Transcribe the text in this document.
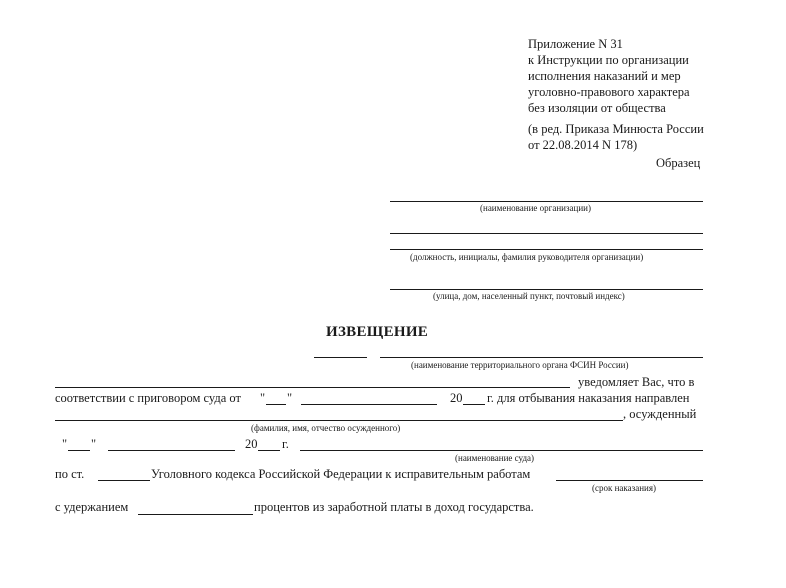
Приложение N 31
к Инструкции по организации
исполнения наказаний и мер
уголовно-правового характера
без изоляции от общества
(в ред. Приказа Минюста России
от 22.08.2014 N 178)
Образец
(наименование организации)
(должность, инициалы, фамилия руководителя организации)
(улица, дом, населенный пункт, почтовый индекс)
ИЗВЕЩЕНИЕ
(наименование территориального органа ФСИН России)
уведомляет Вас, что в
соответствии с приговором суда от " "	20 г. для отбывания наказания направлен
, осужденный
(фамилия, имя, отчество осужденного)
" "	20 г.
(наименование суда)
по ст.	Уголовного кодекса Российской Федерации к исправительным работам
(срок наказания)
с удержанием	процентов из заработной платы в доход государства.
